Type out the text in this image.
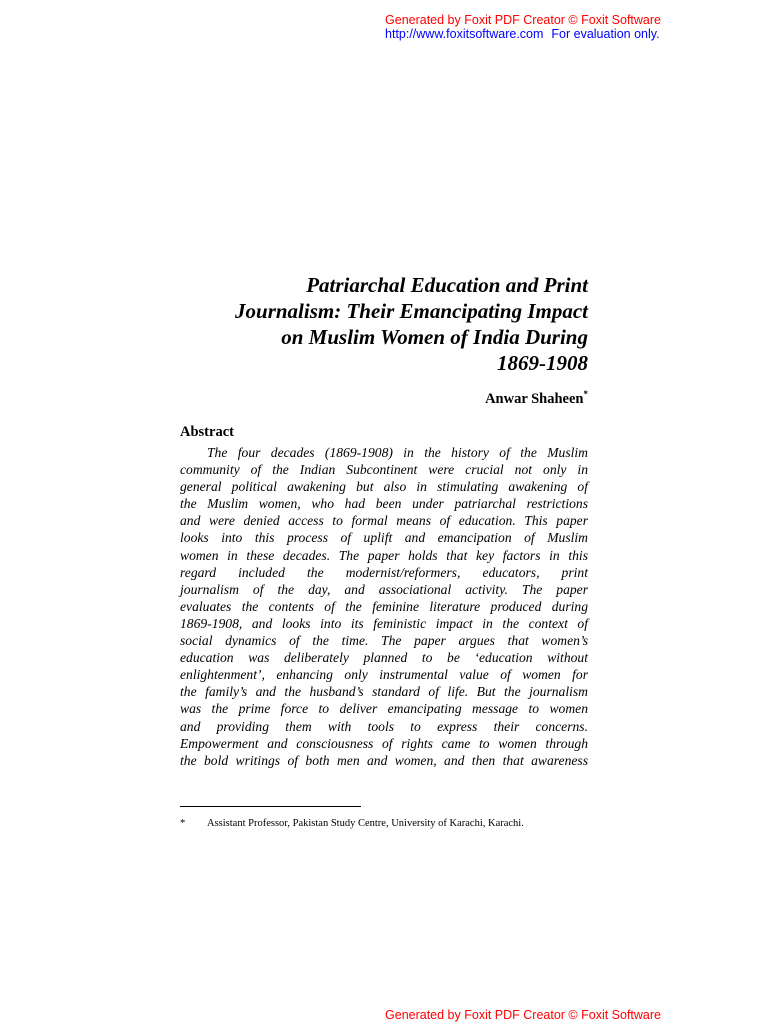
Generated by Foxit PDF Creator © Foxit Software
http://www.foxitsoftware.com For evaluation only.
Patriarchal Education and Print
Journalism: Their Emancipating Impact
on Muslim Women of India During
1869-1908
Anwar Shaheen*
Abstract
The four decades (1869-1908) in the history of the Muslim
community of the Indian Subcontinent were crucial not only in
general political awakening but also in stimulating awakening of
the Muslim women, who had been under patriarchal restrictions
and were denied access to formal means of education. This paper
looks into this process of uplift and emancipation of Muslim
women in these decades. The paper holds that key factors in this
regard included the modernist/reformers, educators, print
journalism of the day, and associational activity. The paper
evaluates the contents of the feminine literature produced during
1869-1908, and looks into its feministic impact in the context of
social dynamics of the time. The paper argues that women’s
education was deliberately planned to be ‘education without
enlightenment’, enhancing only instrumental value of women for
the family’s and the husband’s standard of life. But the journalism
was the prime force to deliver emancipating message to women
and providing them with tools to express their concerns.
Empowerment and consciousness of rights came to women through
the bold writings of both men and women, and then that awareness
* Assistant Professor, Pakistan Study Centre, University of Karachi, Karachi.
Generated by Foxit PDF Creator © Foxit Software
